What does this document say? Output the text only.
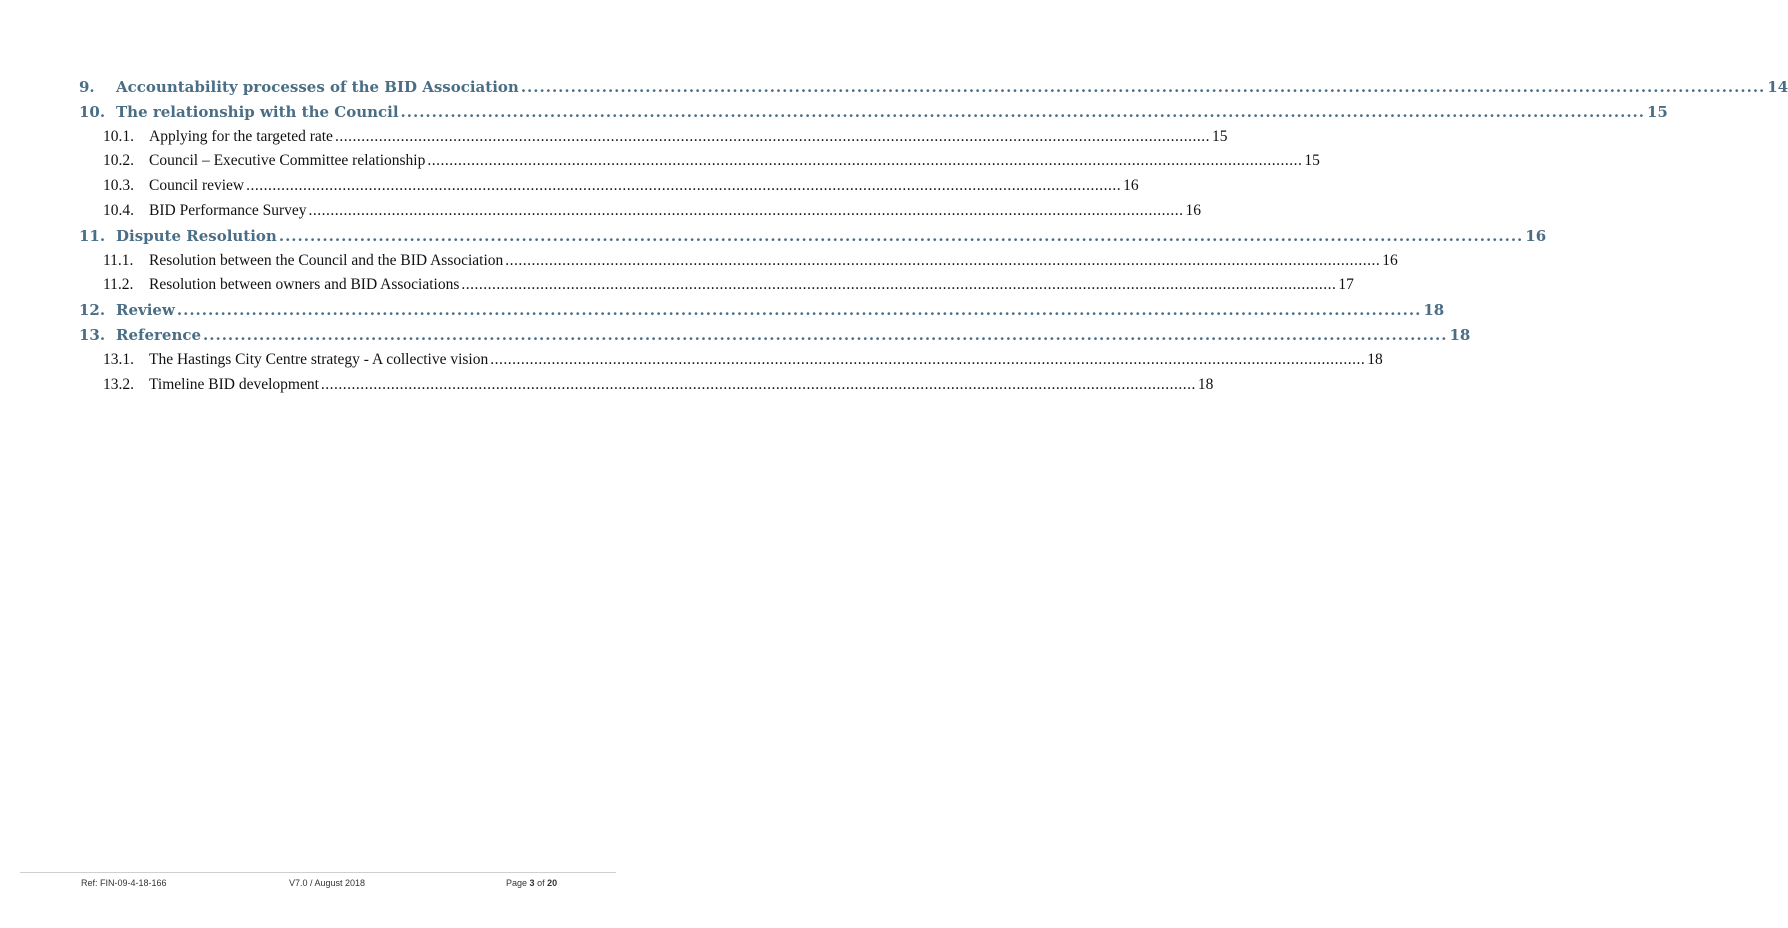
9.	Accountability processes of the BID Association ........................................................................................................................................................................................................ 14
10. The relationship with the Council ........................................................................................................................................................................................................ 15
10.1. Applying for the targeted rate ........................................................................................................................................................................................................ 15
10.2. Council – Executive Committee relationship ........................................................................................................................................................................................................ 15
10.3. Council review ........................................................................................................................................................................................................ 16
10.4. BID Performance Survey ........................................................................................................................................................................................................ 16
11. Dispute Resolution ........................................................................................................................................................................................................ 16
11.1.	Resolution between the Council and the BID Association ........................................................................................................................................................................................................ 16
11.2.	Resolution between owners and BID Associations ........................................................................................................................................................................................................ 17
12. Review ........................................................................................................................................................................................................ 18
13. Reference ........................................................................................................................................................................................................ 18
13.1. The Hastings City Centre strategy - A collective vision ........................................................................................................................................................................................................ 18
13.2. Timeline BID development ........................................................................................................................................................................................................ 18
Ref: FIN-09-4-18-166	V7.0 / August 2018	Page 3 of 20
